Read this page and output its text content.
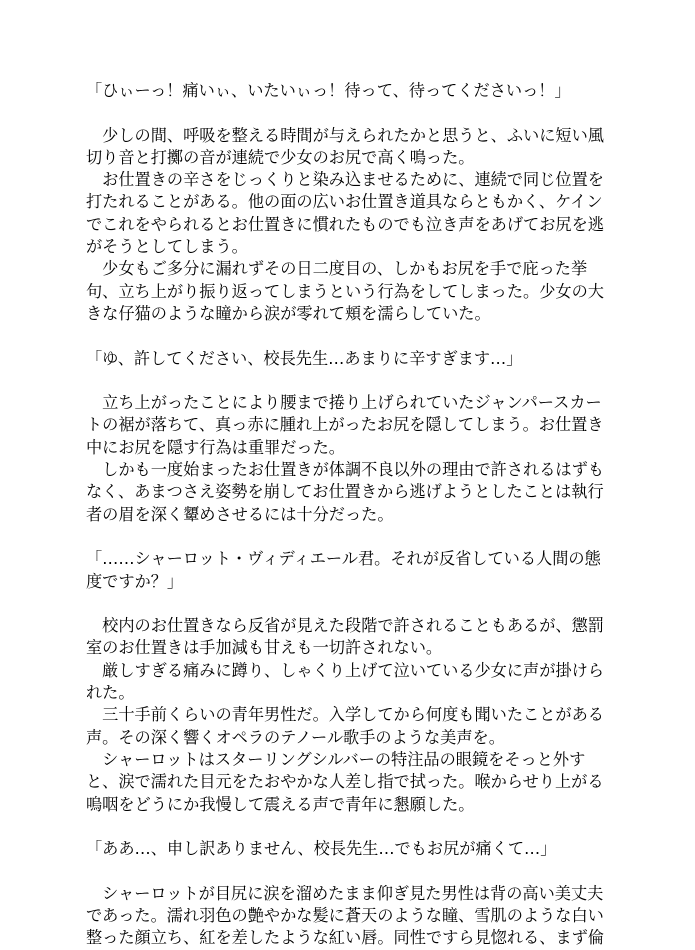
「ひぃーっ！痛いぃ、いたいぃっ！待って、待ってくださいっ！」
　少しの間、呼吸を整える時間が与えられたかと思うと、ふいに短い風
切り音と打擲の音が連続で少女のお尻で高く鳴った。
　お仕置きの辛さをじっくりと染み込ませるために、連続で同じ位置を
打たれることがある。他の面の広いお仕置き道具ならともかく、ケイン
でこれをやられるとお仕置きに慣れたものでも泣き声をあげてお尻を逃
がそうとしてしまう。
　少女もご多分に漏れずその日二度目の、しかもお尻を手で庇った挙
句、立ち上がり振り返ってしまうという行為をしてしまった。少女の大
きな仔猫のような瞳から涙が零れて頬を濡らしていた。
「ゆ、許してください、校長先生…あまりに辛すぎます…」
　立ち上がったことにより腰まで捲り上げられていたジャンパースカー
トの裾が落ちて、真っ赤に腫れ上がったお尻を隠してしまう。お仕置き
中にお尻を隠す行為は重罪だった。
　しかも一度始まったお仕置きが体調不良以外の理由で許されるはずも
なく、あまつさえ姿勢を崩してお仕置きから逃げようとしたことは執行
者の眉を深く顰めさせるには十分だった。
「……シャーロット・ヴィディエール君。それが反省している人間の態
度ですか？」
　校内のお仕置きなら反省が見えた段階で許されることもあるが、懲罰
室のお仕置きは手加減も甘えも一切許されない。
　厳しすぎる痛みに蹲り、しゃくり上げて泣いている少女に声が掛けら
れた。
　三十手前くらいの青年男性だ。入学してから何度も聞いたことがある
声。その深く響くオペラのテノール歌手のような美声を。
　シャーロットはスターリングシルバーの特注品の眼鏡をそっと外す
と、涙で濡れた目元をたおやかな人差し指で拭った。喉からせり上がる
嗚咽をどうにか我慢して震える声で青年に懇願した。
「ああ…、申し訳ありません、校長先生…でもお尻が痛くて…」
　シャーロットが目尻に涙を溜めたまま仰ぎ見た男性は背の高い美丈夫
であった。濡れ羽色の艶やかな髪に蒼天のような瞳、雪肌のような白い
整った顔立ち、紅を差したような紅い唇。同性ですら見惚れる、まず倫
